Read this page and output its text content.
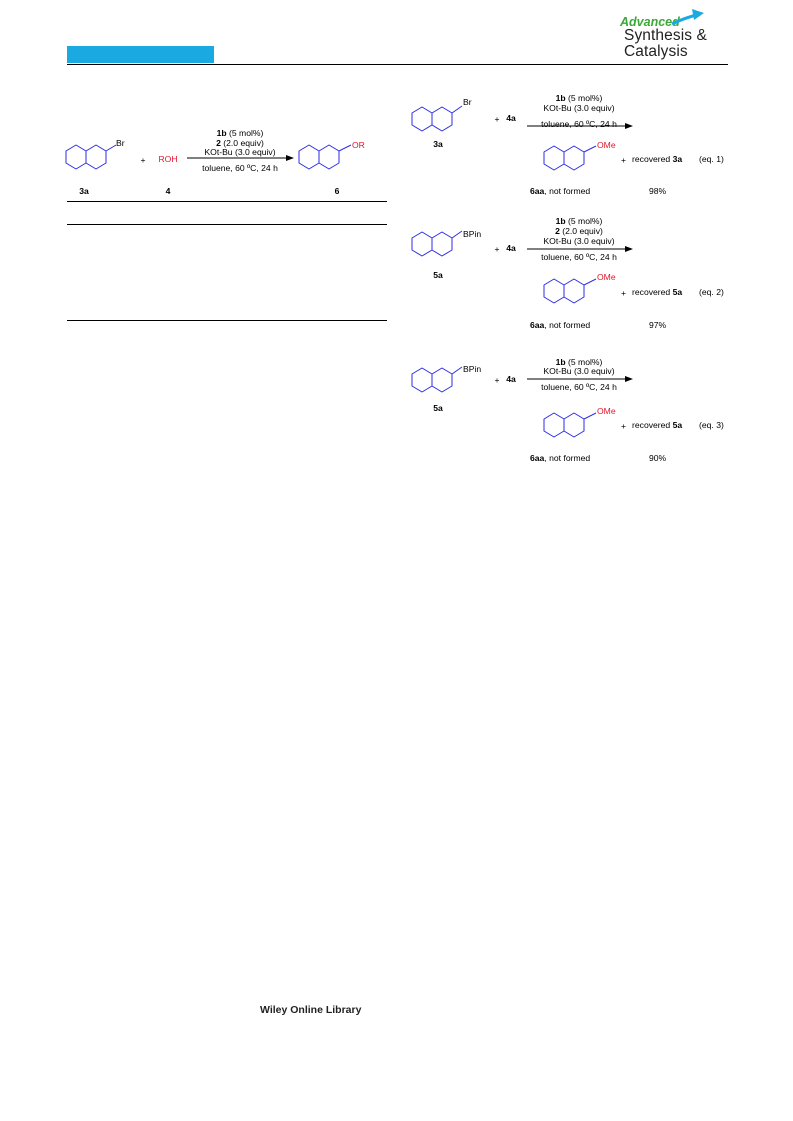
Advanced
Synthesis &
Catalysis
Br
3a
+ ROH
4
1b (5 mol%)
2 (2.0 equiv)
KOt-Bu (3.0 equiv)
toluene, 60 ºC, 24 h
OR
6
Br
3a
+ 4a
1b (5 mol%)
KOt-Bu (3.0 equiv)
toluene, 60 ºC, 24 h
OMe
+ recovered 3a (eq. 1)
6aa, not formed	98%
BPin
5a
+ 4a
1b (5 mol%)
2 (2.0 equiv)
KOt-Bu (3.0 equiv)
toluene, 60 ºC, 24 h
OMe
+ recovered 5a (eq. 2)
6aa, not formed	97%
BPin
5a
+ 4a
1b (5 mol%)
KOt-Bu (3.0 equiv)
toluene, 60 ºC, 24 h
OMe
+ recovered 5a (eq. 3)
6aa, not formed	90%
Wiley Online Library
